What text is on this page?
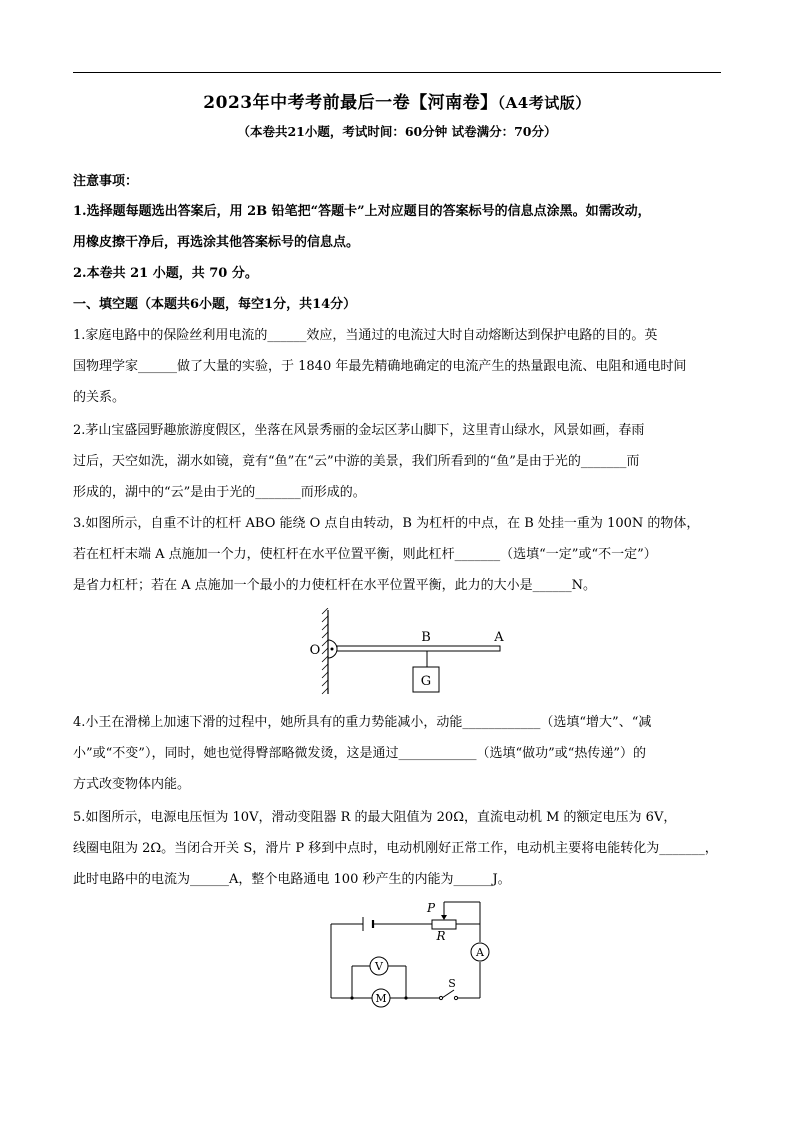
2023年中考考前最后一卷【河南卷】（A4考试版）
（本卷共21小题，考试时间：60分钟 试卷满分：70分）
注意事项：
1.选择题每题选出答案后，用 2B 铅笔把“答题卡”上对应题目的答案标号的信息点涂黑。如需改动，
用橡皮擦干净后，再选涂其他答案标号的信息点。
2.本卷共 21 小题，共 70 分。
一、填空题（本题共6小题，每空1分，共14分）
1.家庭电路中的保险丝利用电流的______效应，当通过的电流过大时自动熔断达到保护电路的目的。英
国物理学家______做了大量的实验，于 1840 年最先精确地确定的电流产生的热量跟电流、电阻和通电时间
的关系。
2.茅山宝盛园野趣旅游度假区，坐落在风景秀丽的金坛区茅山脚下，这里青山绿水，风景如画，春雨
过后，天空如洗，湖水如镜，竟有“鱼”在“云”中游的美景，我们所看到的“鱼”是由于光的_______而
形成的，湖中的“云”是由于光的_______而形成的。
3.如图所示，自重不计的杠杆 ABO 能绕 O 点自由转动，B 为杠杆的中点，在 B 处挂一重为 100N 的物体，
若在杠杆末端 A 点施加一个力，使杠杆在水平位置平衡，则此杠杆_______（选填“一定”或“不一定”）
是省力杠杆；若在 A 点施加一个最小的力使杠杆在水平位置平衡，此力的大小是______N。
O
B	A
G
4.小王在滑梯上加速下滑的过程中，她所具有的重力势能减小，动能____________（选填“增大”、“减
小”或“不变”），同时，她也觉得臀部略微发烫，这是通过____________（选填“做功”或“热传递”）的
方式改变物体内能。
5.如图所示，电源电压恒为 10V，滑动变阻器 R 的最大阻值为 20Ω，直流电动机 M 的额定电压为 6V，
线圈电阻为 2Ω。当闭合开关 S，滑片 P 移到中点时，电动机刚好正常工作，电动机主要将电能转化为_______，
此时电路中的电流为______A，整个电路通电 100 秒产生的内能为______J。
P
R
A
V
M
S
